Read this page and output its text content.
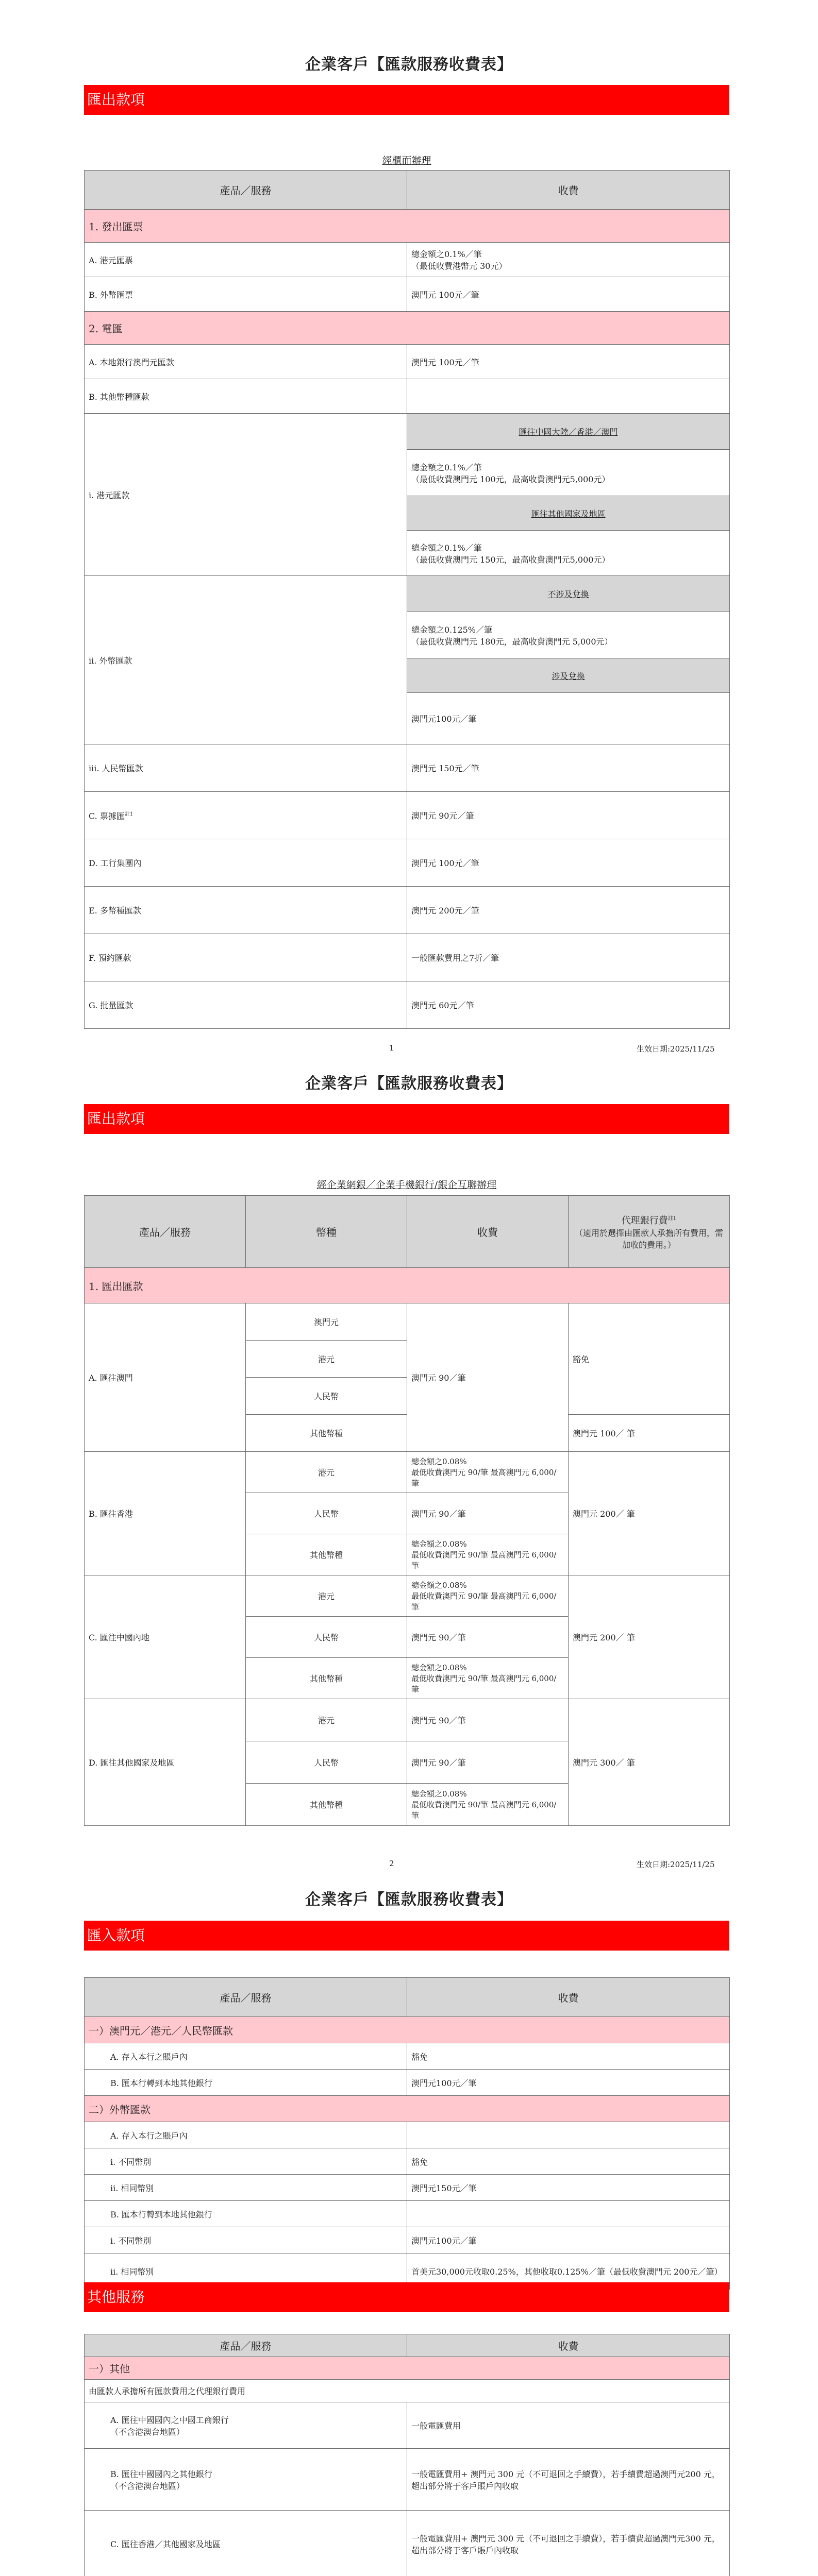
企業客戶【匯款服務收費表】
匯出款項
經櫃面辦理
產品／服務	收費
1. 發出匯票	
A. 港元匯票	總金額之0.1%／筆
（最低收費港幣元 30元）
B. 外幣匯票	澳門元 100元／筆
2. 電匯	
A. 本地銀行澳門元匯款	澳門元 100元／筆
B. 其他幣種匯款	
i. 港元匯款	匯往中國大陸／香港／澳門
	總金額之0.1%／筆
（最低收費澳門元 100元，最高收費澳門元5,000元）
	匯往其他國家及地區
	總金額之0.1%／筆
（最低收費澳門元 150元，最高收費澳門元5,000元）
ii. 外幣匯款	不涉及兌換
	總金額之0.125%／筆
（最低收費澳門元 180元，最高收費澳門元 5,000元）
	涉及兌換
	澳門元100元／筆
iii. 人民幣匯款	澳門元 150元／筆
C. 票據匯$^{註1}$	澳門元 90元／筆
D. 工行集團內	澳門元 100元／筆
E. 多幣種匯款	澳門元 200元／筆
F. 預約匯款	一般匯款費用之7折／筆
G. 批量匯款	澳門元 60元／筆
1	生效日期:2025/11/25
企業客戶【匯款服務收費表】
匯出款項
經企業網銀／企業手機銀行/銀企互聯辦理
產品／服務	幣種	收費	代理銀行費$^{註1}$
（適用於選擇由匯款人承擔所有費用，需加收的費用。）
1. 匯出匯款			
A. 匯往澳門	澳門元	澳門元 90／筆	豁免
	港元		
	人民幣		
	其他幣種		澳門元 100／ 筆
B. 匯往香港	港元	總金額之0.08%
最低收費澳門元 90/筆 最高澳門元 6,000/筆	澳門元 200／ 筆
	人民幣	澳門元 90／筆	
	其他幣種	總金額之0.08%
最低收費澳門元 90/筆 最高澳門元 6,000/筆	
C. 匯往中國內地	港元	總金額之0.08%
最低收費澳門元 90/筆 最高澳門元 6,000/筆	澳門元 200／ 筆
	人民幣	澳門元 90／筆	
	其他幣種	總金額之0.08%
最低收費澳門元 90/筆 最高澳門元 6,000/筆	
D. 匯往其他國家及地區	港元	澳門元 90／筆	澳門元 300／ 筆
	人民幣	澳門元 90／筆	
	其他幣種	總金額之0.08%
最低收費澳門元 90/筆 最高澳門元 6,000/筆	
2	生效日期:2025/11/25
企業客戶【匯款服務收費表】
匯入款項
產品／服務	收費
一）澳門元／港元／人民幣匯款	
A. 存入本行之賬戶內	豁免
B. 匯本行轉到本地其他銀行	澳門元100元／筆
二）外幣匯款	
A. 存入本行之賬戶內	
i. 不同幣別	豁免
ii. 相同幣別	澳門元150元／筆
B. 匯本行轉到本地其他銀行	
i. 不同幣別	澳門元100元／筆
ii. 相同幣別	首美元30,000元收取0.25%，其他收取0.125%／筆（最低收費澳門元 200元／筆）
其他服務
產品／服務	收費
一）其他	
由匯款人承擔所有匯款費用之代理銀行費用	
A. 匯往中國國內之中國工商銀行
（不含港澳台地區）	一般電匯費用
B. 匯往中國國內之其他銀行
（不含港澳台地區）	一般電匯費用+ 澳門元 300 元（不可退回之手續費），若手續費超過澳門元200 元，超出部分將于客戶賬戶內收取
C. 匯往香港／其他國家及地區	一般電匯費用+ 澳門元 300 元（不可退回之手續費），若手續費超過澳門元300 元，超出部分將于客戶賬戶內收取
